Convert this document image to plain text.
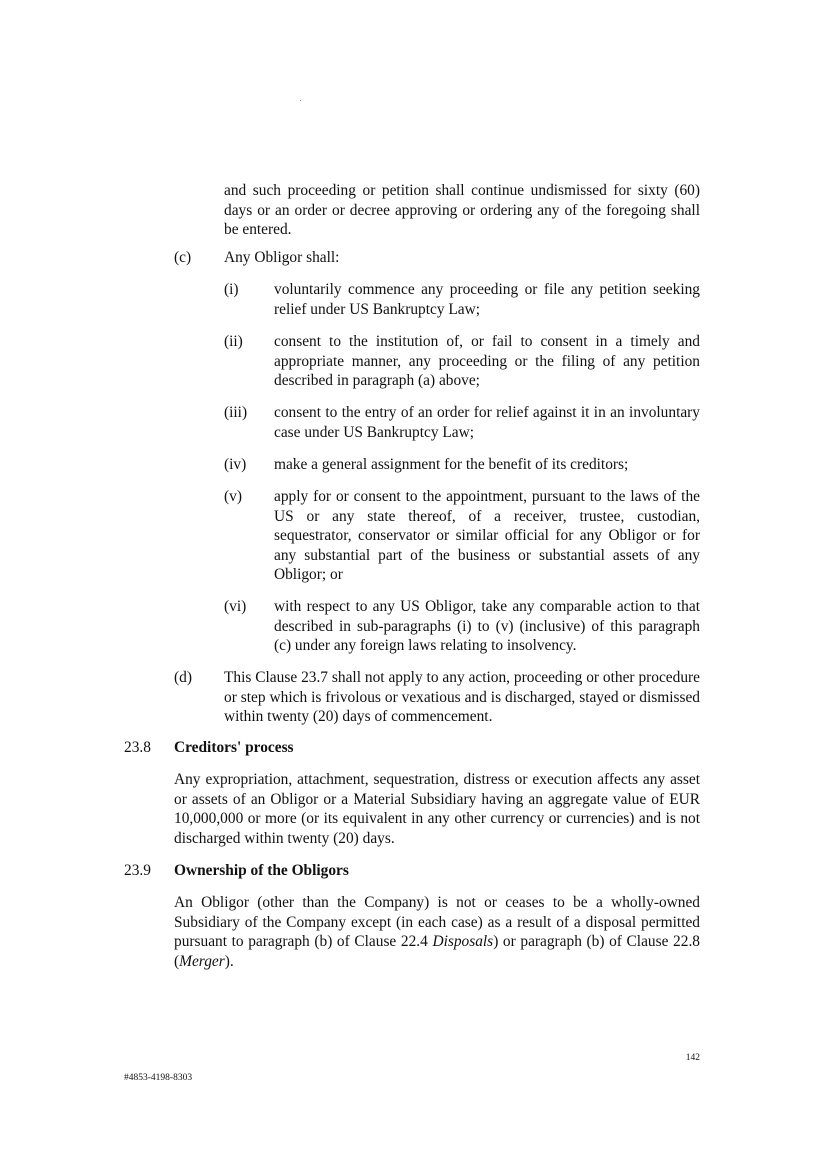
and such proceeding or petition shall continue undismissed for sixty (60) days or an order or decree approving or ordering any of the foregoing shall be entered.
(c) Any Obligor shall:
(i) voluntarily commence any proceeding or file any petition seeking relief under US Bankruptcy Law;
(ii) consent to the institution of, or fail to consent in a timely and appropriate manner, any proceeding or the filing of any petition described in paragraph (a) above;
(iii) consent to the entry of an order for relief against it in an involuntary case under US Bankruptcy Law;
(iv) make a general assignment for the benefit of its creditors;
(v) apply for or consent to the appointment, pursuant to the laws of the US or any state thereof, of a receiver, trustee, custodian, sequestrator, conservator or similar official for any Obligor or for any substantial part of the business or substantial assets of any Obligor; or
(vi) with respect to any US Obligor, take any comparable action to that described in sub-paragraphs (i) to (v) (inclusive) of this paragraph (c) under any foreign laws relating to insolvency.
(d) This Clause 23.7 shall not apply to any action, proceeding or other procedure or step which is frivolous or vexatious and is discharged, stayed or dismissed within twenty (20) days of commencement.
23.8 Creditors' process
Any expropriation, attachment, sequestration, distress or execution affects any asset or assets of an Obligor or a Material Subsidiary having an aggregate value of EUR 10,000,000 or more (or its equivalent in any other currency or currencies) and is not discharged within twenty (20) days.
23.9 Ownership of the Obligors
An Obligor (other than the Company) is not or ceases to be a wholly-owned Subsidiary of the Company except (in each case) as a result of a disposal permitted pursuant to paragraph (b) of Clause 22.4 Disposals) or paragraph (b) of Clause 22.8 (Merger).
142
#4853-4198-8303
